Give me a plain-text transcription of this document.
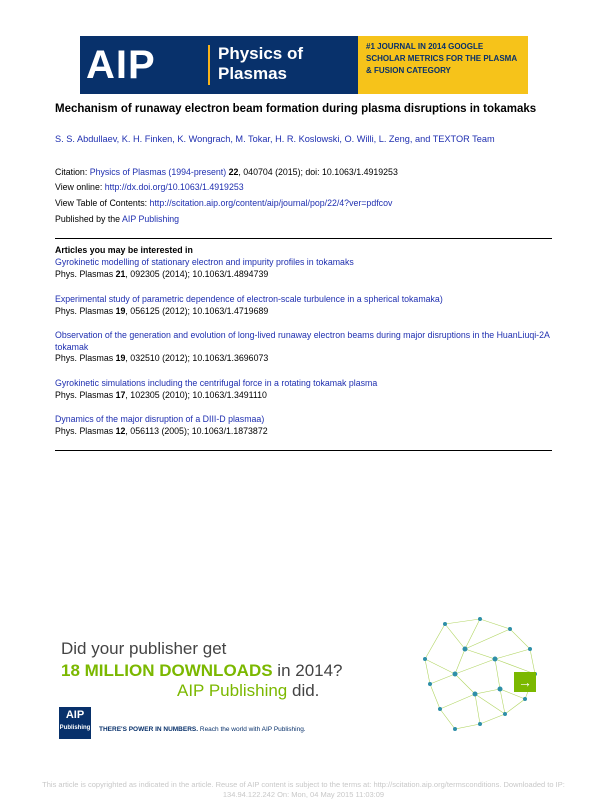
AIP	Physics of
Plasmas
#1 JOURNAL IN 2014 GOOGLE SCHOLAR METRICS FOR THE PLASMA & FUSION CATEGORY
Mechanism of runaway electron beam formation during plasma disruptions in tokamaks
S. S. Abdullaev, K. H. Finken, K. Wongrach, M. Tokar, H. R. Koslowski, O. Willi, L. Zeng, and TEXTOR Team
Citation: Physics of Plasmas (1994-present) 22, 040704 (2015); doi: 10.1063/1.4919253
View online: http://dx.doi.org/10.1063/1.4919253
View Table of Contents: http://scitation.aip.org/content/aip/journal/pop/22/4?ver=pdfcov
Published by the AIP Publishing
Articles you may be interested in
Gyrokinetic modelling of stationary electron and impurity profiles in tokamaks
Phys. Plasmas 21, 092305 (2014); 10.1063/1.4894739
Experimental study of parametric dependence of electron-scale turbulence in a spherical tokamaka)
Phys. Plasmas 19, 056125 (2012); 10.1063/1.4719689
Observation of the generation and evolution of long-lived runaway electron beams during major disruptions in the HuanLiuqi-2A tokamak
Phys. Plasmas 19, 032510 (2012); 10.1063/1.3696073
Gyrokinetic simulations including the centrifugal force in a rotating tokamak plasma
Phys. Plasmas 17, 102305 (2010); 10.1063/1.3491110
Dynamics of the major disruption of a DIII-D plasmaa)
Phys. Plasmas 12, 056113 (2005); 10.1063/1.1873872
Did your publisher get
18 MILLION DOWNLOADS in 2014?
AIP Publishing did.
AIP
Publishing THERE'S POWER IN NUMBERS. Reach the world with AIP Publishing.
→
This article is copyrighted as indicated in the article. Reuse of AIP content is subject to the terms at: http://scitation.aip.org/termsconditions. Downloaded to IP:
134.94.122.242 On: Mon, 04 May 2015 11:03:09
